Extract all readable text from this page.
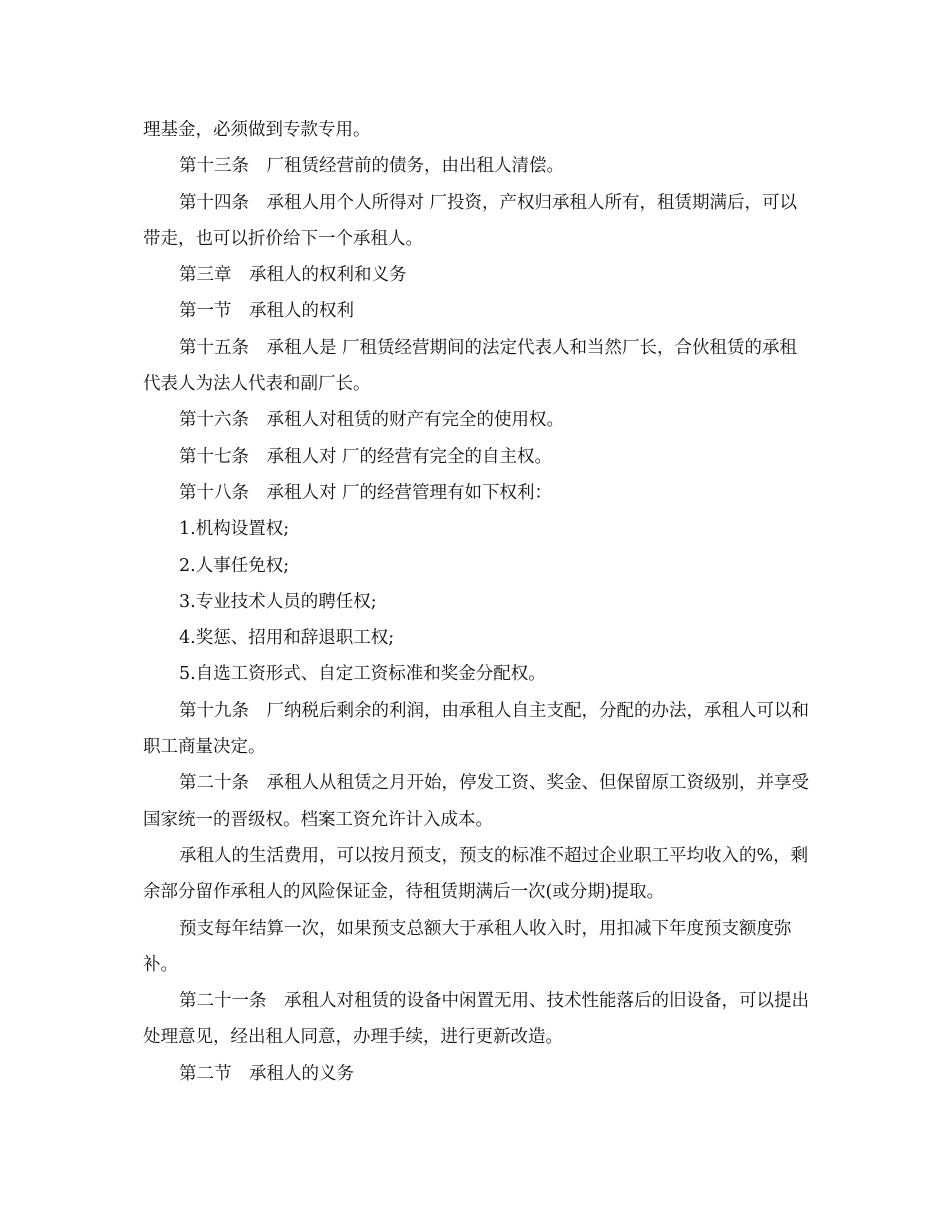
理基金，必须做到专款专用。

第十三条　厂租赁经营前的债务，由出租人清偿。

第十四条　承租人用个人所得对 厂投资，产权归承租人所有，租赁期满后，可以带走，也可以折价给下一个承租人。

第三章　承租人的权利和义务

第一节　承租人的权利

第十五条　承租人是 厂租赁经营期间的法定代表人和当然厂长，合伙租赁的承租代表人为法人代表和副厂长。

第十六条　承租人对租赁的财产有完全的使用权。

第十七条　承租人对 厂的经营有完全的自主权。

第十八条　承租人对 厂的经营管理有如下权利：

1.机构设置权;

2.人事任免权;

3.专业技术人员的聘任权;

4.奖惩、招用和辞退职工权;

5.自选工资形式、自定工资标准和奖金分配权。

第十九条　厂纳税后剩余的利润，由承租人自主支配，分配的办法，承租人可以和职工商量决定。

第二十条　承租人从租赁之月开始，停发工资、奖金、但保留原工资级别，并享受国家统一的晋级权。档案工资允许计入成本。

承租人的生活费用，可以按月预支，预支的标准不超过企业职工平均收入的%，剩余部分留作承租人的风险保证金，待租赁期满后一次(或分期)提取。

预支每年结算一次，如果预支总额大于承租人收入时，用扣减下年度预支额度弥补。

第二十一条　承租人对租赁的设备中闲置无用、技术性能落后的旧设备，可以提出处理意见，经出租人同意，办理手续，进行更新改造。

第二节　承租人的义务
